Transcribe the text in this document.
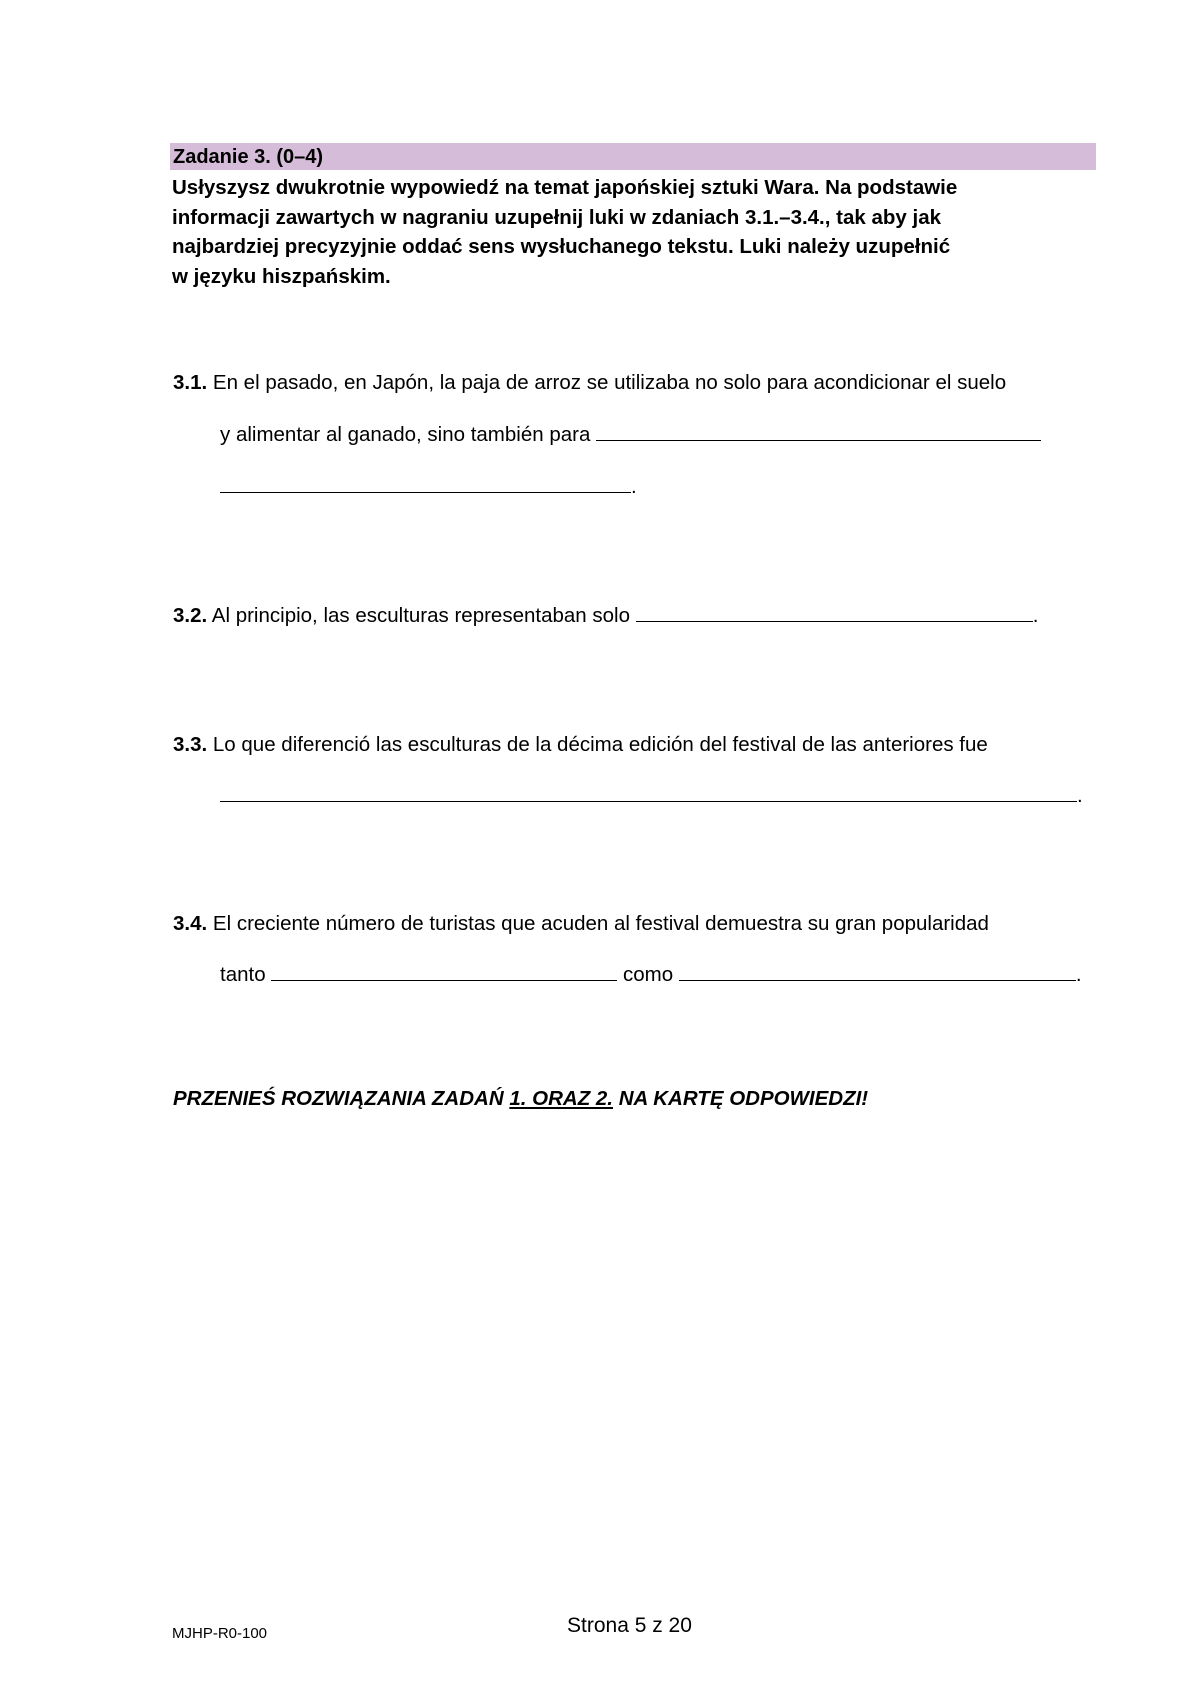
Zadanie 3. (0–4)

Usłyszysz dwukrotnie wypowiedź na temat japońskiej sztuki Wara. Na podstawie

informacji zawartych w nagraniu uzupełnij luki w zdaniach 3.1.–3.4., tak aby jak

najbardziej precyzyjnie oddać sens wysłuchanego tekstu. Luki należy uzupełnić

w języku hiszpańskim.

3.1. En el pasado, en Japón, la paja de arroz se utilizaba no solo para acondicionar el suelo
y alimentar al ganado, sino también para
.
3.2. Al principio, las esculturas representaban solo	.
3.3. Lo que diferenció las esculturas de la décima edición del festival de las anteriores fue
.
3.4. El creciente número de turistas que acuden al festival demuestra su gran popularidad
tanto	como	.
PRZENIEŚ ROZWIĄZANIA ZADAŃ 1. ORAZ 2. NA KARTĘ ODPOWIEDZI!
MJHP-R0-100	Strona 5 z 20
